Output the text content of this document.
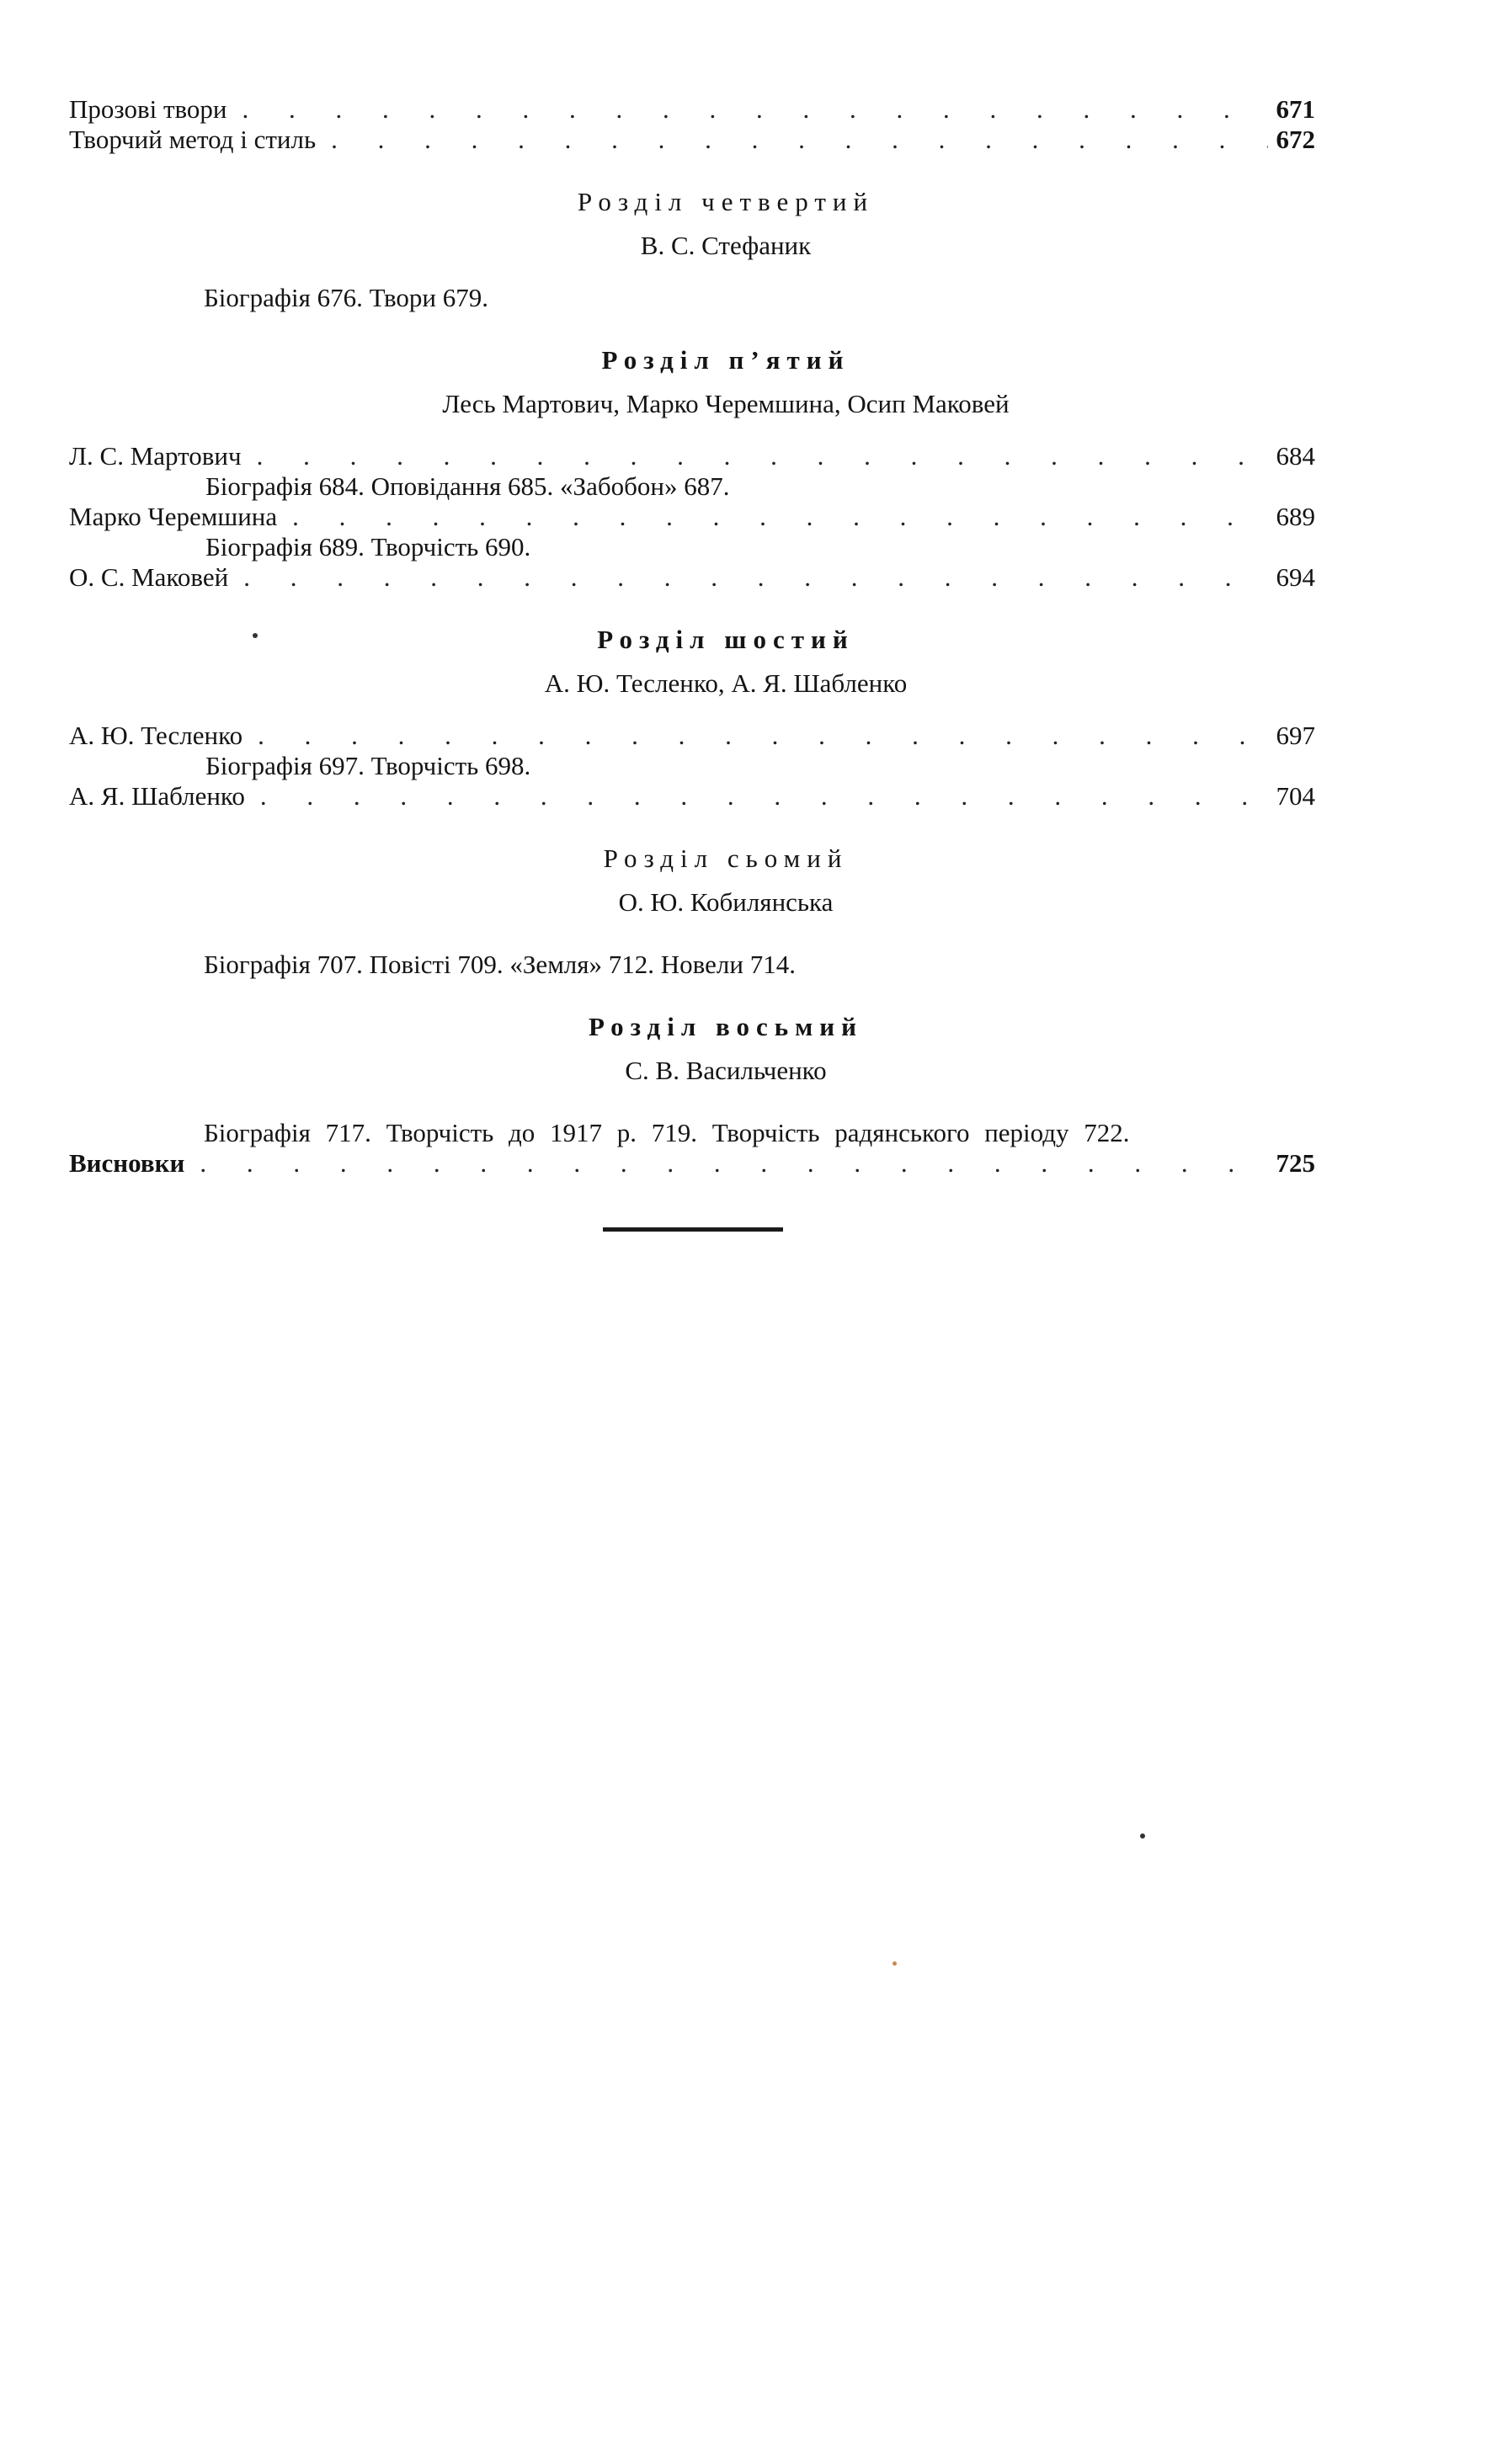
Прозові твори . . .	671
Творчий метод і стиль . . .	672
Розділ четвертий
В. С. Стефаник
Біографія 676. Твори 679.
Розділ п’ятий
Лесь Мартович, Марко Черемшина, Осип Маковей
Л. С. Мартович . . .	684
Біографія 684. Оповідання 685. «Забобон» 687.
Марко Черемшина . . .	689
Біографія 689. Творчість 690.
О. С. Маковей . . .	694
Розділ шостий
А. Ю. Тесленко, А. Я. Шабленко
А. Ю. Тесленко . . .	697
Біографія 697. Творчість 698.
А. Я. Шабленко . . .	704
Розділ сьомий
О. Ю. Кобилянська
Біографія 707. Повісті 709. «Земля» 712. Новели 714.
Розділ восьмий
С. В. Васильченко
Біографія 717. Творчість до 1917 р. 719. Творчість радянського періоду 722.
Висновки . . .	725
